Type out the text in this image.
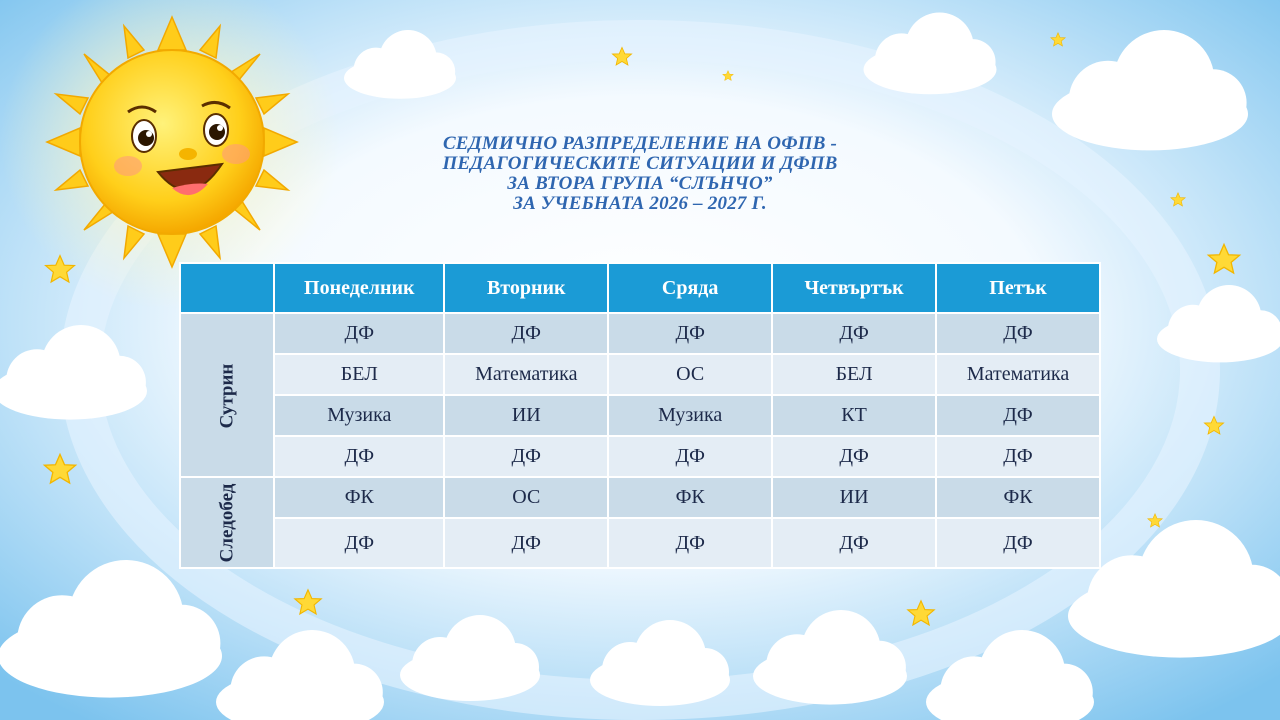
СЕДМИЧНО РАЗПРЕДЕЛЕНИЕ НА ОФПВ -
ПЕДАГОГИЧЕСКИТЕ СИТУАЦИИ И ДФПВ
ЗА ВТОРА ГРУПА “СЛЪНЧО”
ЗА УЧЕБНАТА 2026 – 2027 Г.
	Понеделник	Вторник	Сряда	Четвъртък	Петък
Сутрин	ДФ	ДФ	ДФ	ДФ	ДФ
	БЕЛ	Математика	ОС	БЕЛ	Математика
	Музика	ИИ	Музика	КТ	ДФ
	ДФ	ДФ	ДФ	ДФ	ДФ
Следобед	ФК	ОС	ФК	ИИ	ФК
	ДФ	ДФ	ДФ	ДФ	ДФ
